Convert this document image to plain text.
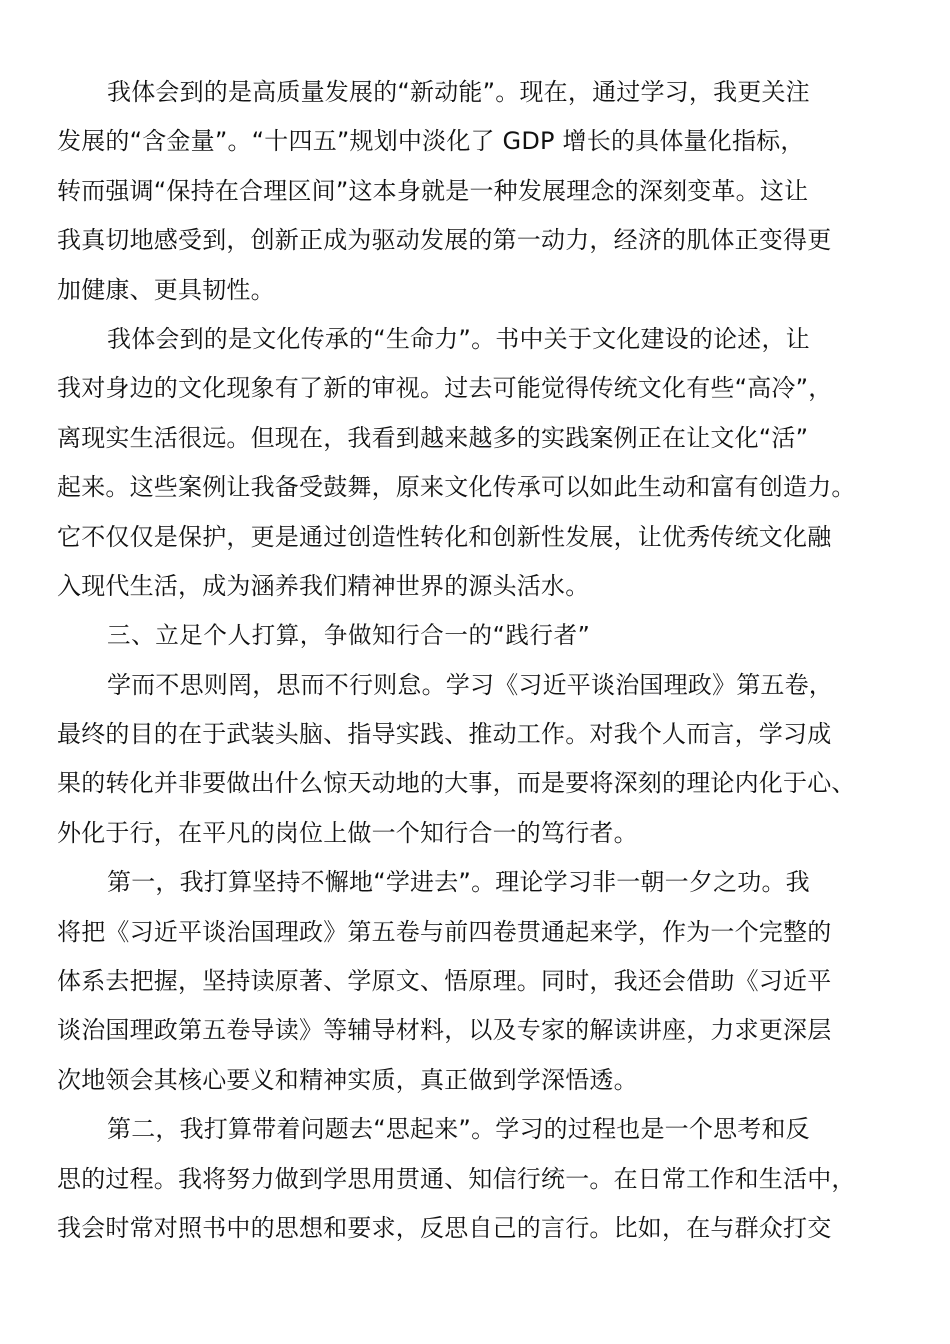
我体会到的是高质量发展的“新动能”。现在，通过学习，我更关注
发展的“含金量”。“十四五”规划中淡化了 GDP 增长的具体量化指标，
转而强调“保持在合理区间”这本身就是一种发展理念的深刻变革。这让
我真切地感受到，创新正成为驱动发展的第一动力，经济的肌体正变得更
加健康、更具韧性。
我体会到的是文化传承的“生命力”。书中关于文化建设的论述，让
我对身边的文化现象有了新的审视。过去可能觉得传统文化有些“高冷”，
离现实生活很远。但现在，我看到越来越多的实践案例正在让文化“活”
起来。这些案例让我备受鼓舞，原来文化传承可以如此生动和富有创造力。
它不仅仅是保护，更是通过创造性转化和创新性发展，让优秀传统文化融
入现代生活，成为涵养我们精神世界的源头活水。
三、立足个人打算，争做知行合一的“践行者”
学而不思则罔，思而不行则怠。学习《习近平谈治国理政》第五卷，
最终的目的在于武装头脑、指导实践、推动工作。对我个人而言，学习成
果的转化并非要做出什么惊天动地的大事，而是要将深刻的理论内化于心、
外化于行，在平凡的岗位上做一个知行合一的笃行者。
第一，我打算坚持不懈地“学进去”。理论学习非一朝一夕之功。我
将把《习近平谈治国理政》第五卷与前四卷贯通起来学，作为一个完整的
体系去把握，坚持读原著、学原文、悟原理。同时，我还会借助《习近平
谈治国理政第五卷导读》等辅导材料，以及专家的解读讲座，力求更深层
次地领会其核心要义和精神实质，真正做到学深悟透。
第二，我打算带着问题去“思起来”。学习的过程也是一个思考和反
思的过程。我将努力做到学思用贯通、知信行统一。在日常工作和生活中，
我会时常对照书中的思想和要求，反思自己的言行。比如，在与群众打交
